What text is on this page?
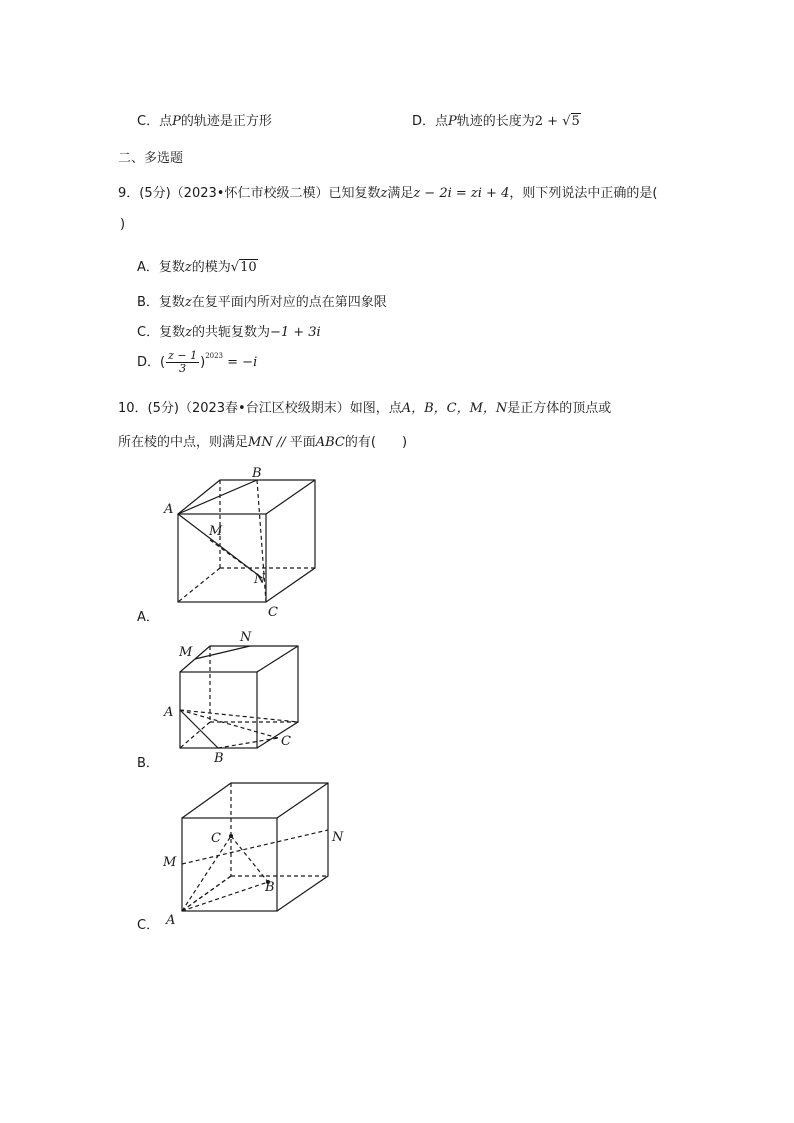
C．点P的轨迹是正方形	D．点P轨迹的长度为2 + √5
二、多选题
9．(5分)（2023•怀仁市校级二模）已知复数z满足z − 2i = zi + 4，则下列说法中正确的是(
)
A．复数z的模为√10
B．复数z在复平面内所对应的点在第四象限
C．复数z的共轭复数为−1 + 3i
D．( $\frac{z - 1}{3} )^{2023} = -i$
10．(5分)（2023春•台江区校级期末）如图，点A，B，C，M，N是正方体的顶点或
所在棱的中点，则满足MN // 平面ABC的有(　　)
A
B
C
M
N
A．
M
N
A
C
B
B．
C
B
M
N
A
C．
